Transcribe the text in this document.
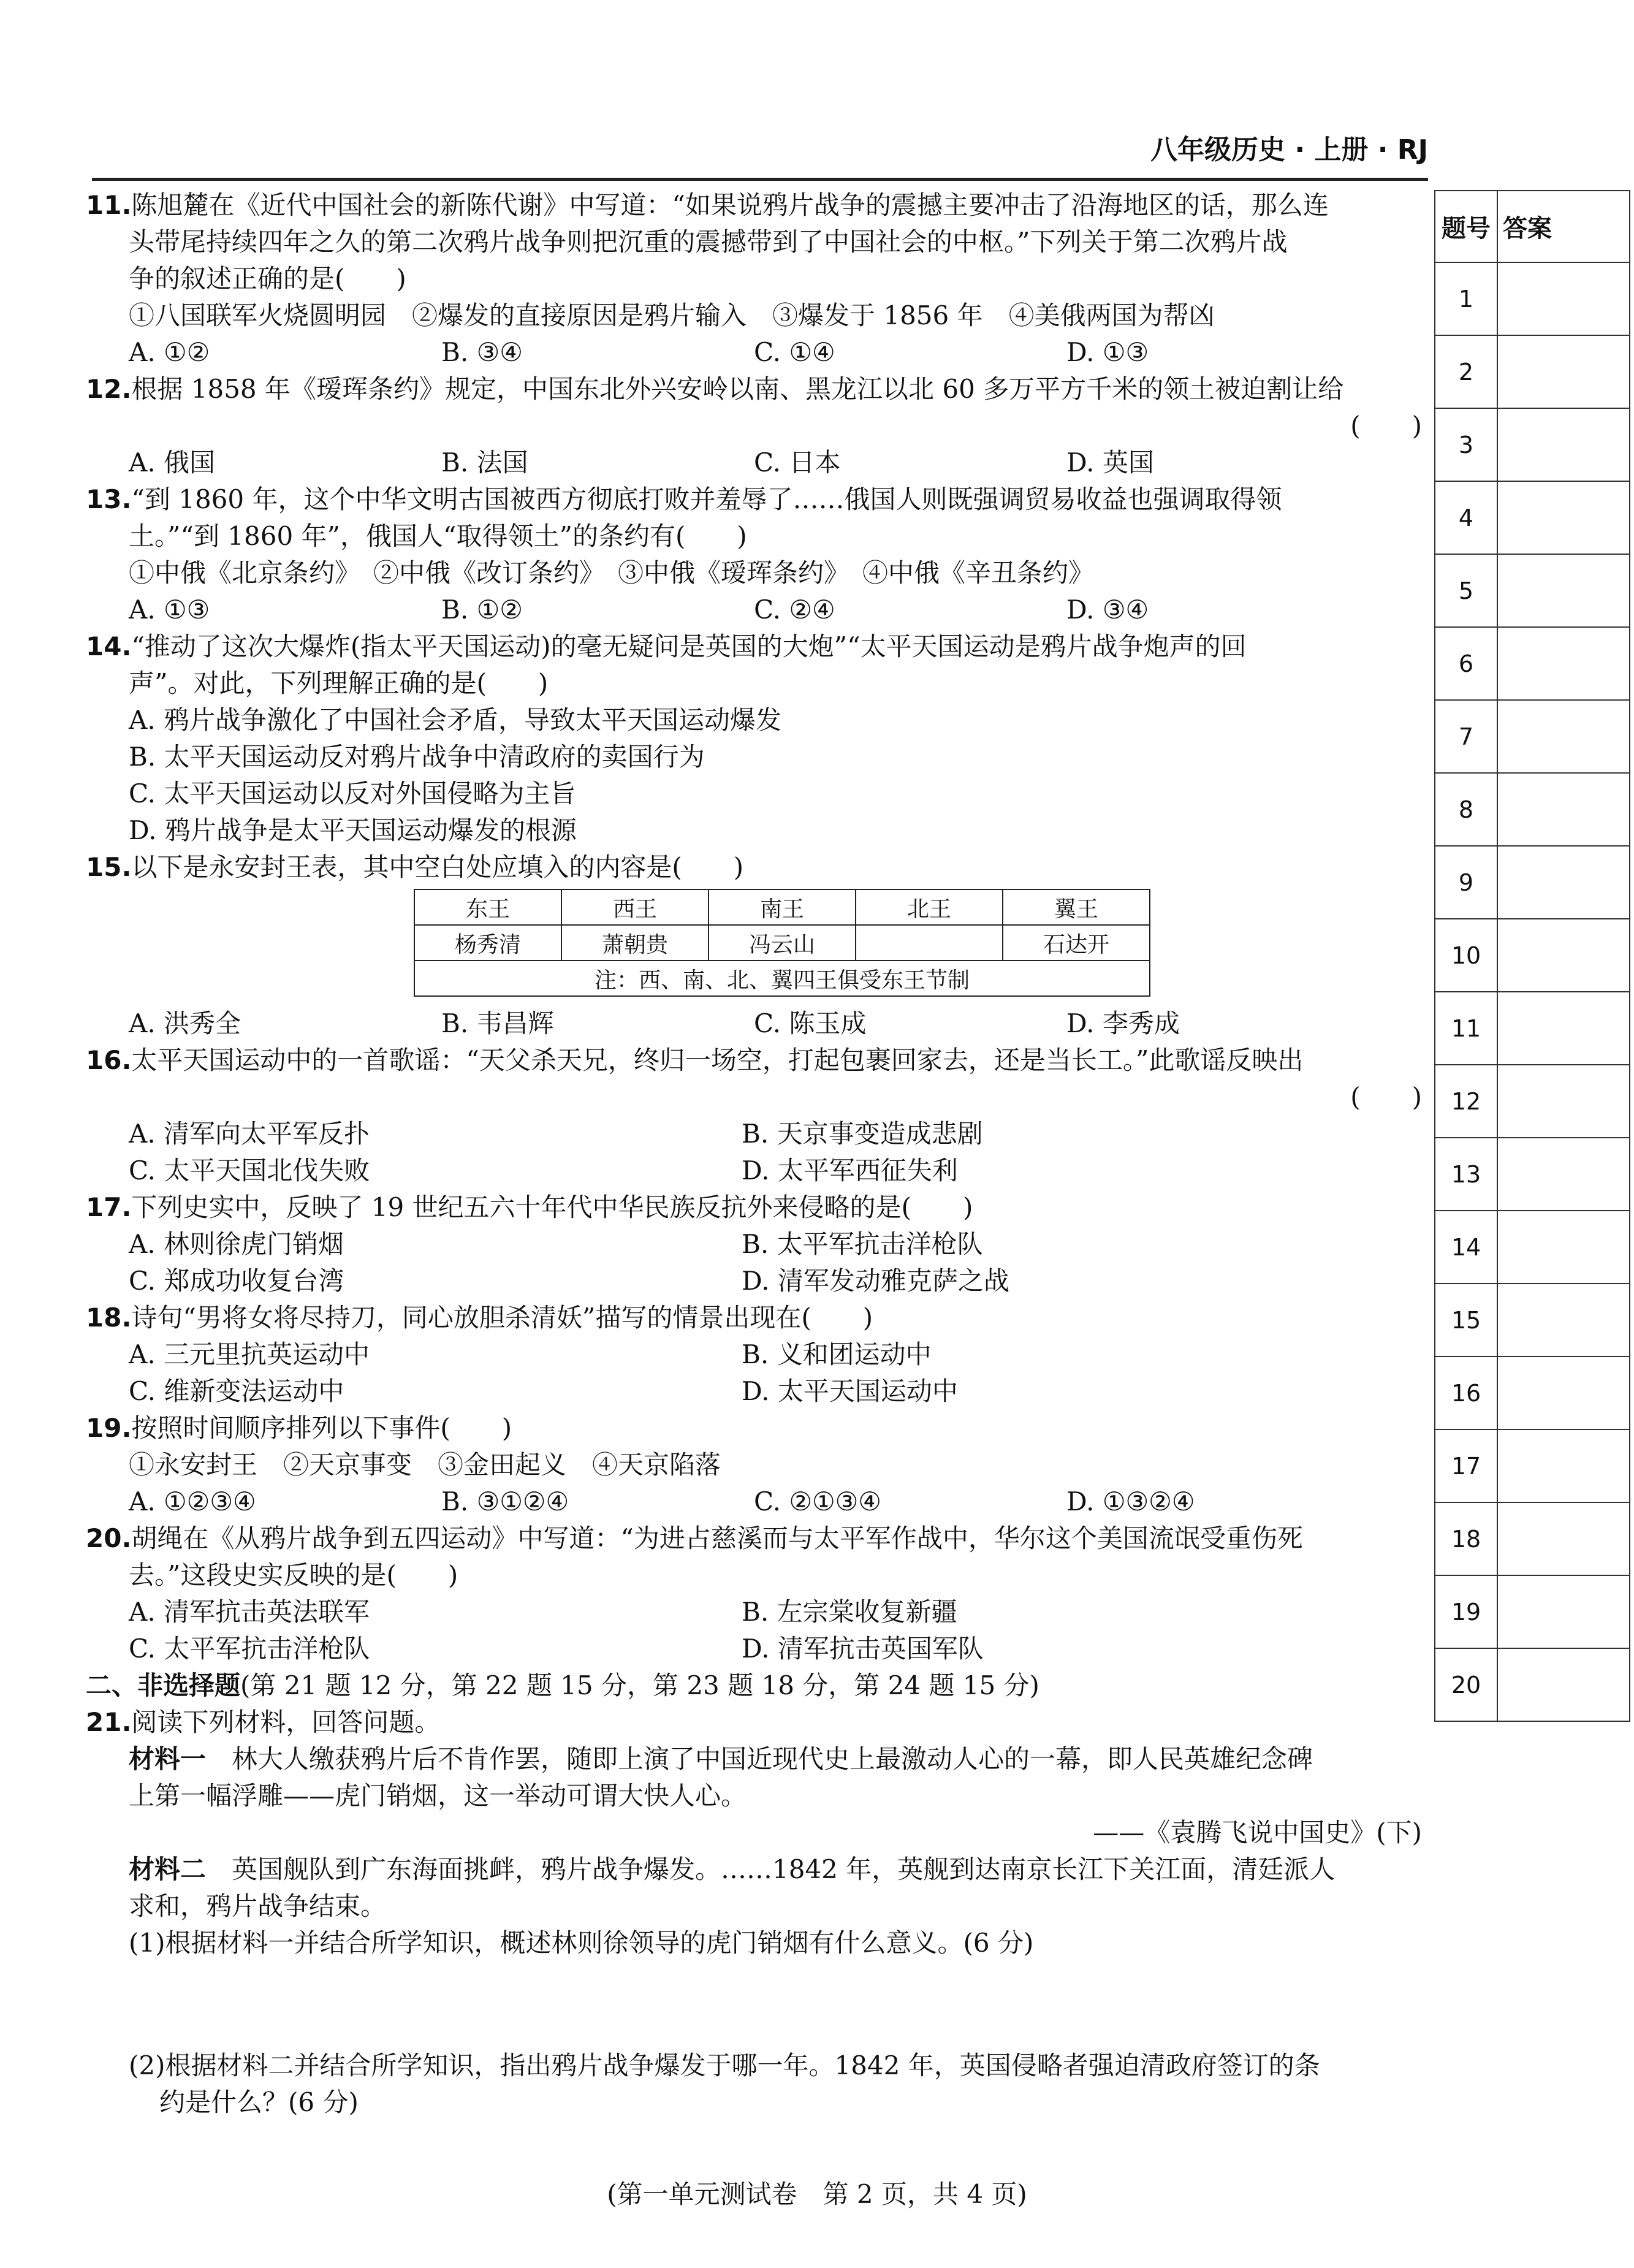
八年级历史 · 上册 · RJ
11.陈旭麓在《近代中国社会的新陈代谢》中写道：“如果说鸦片战争的震撼主要冲击了沿海地区的话，那么连
头带尾持续四年之久的第二次鸦片战争则把沉重的震撼带到了中国社会的中枢。”下列关于第二次鸦片战
争的叙述正确的是(　　)
①八国联军火烧圆明园　②爆发的直接原因是鸦片输入　③爆发于 1856 年　④美俄两国为帮凶
A. ①②	B. ③④	C. ①④	D. ①③
12.根据 1858 年《瑷珲条约》规定，中国东北外兴安岭以南、黑龙江以北 60 多万平方千米的领土被迫割让给
(　　)
A. 俄国	B. 法国	C. 日本	D. 英国
13.“到 1860 年，这个中华文明古国被西方彻底打败并羞辱了……俄国人则既强调贸易收益也强调取得领
土。”“到 1860 年”，俄国人“取得领土”的条约有(　　)
①中俄《北京条约》　②中俄《改订条约》　③中俄《瑷珲条约》　④中俄《辛丑条约》
A. ①③	B. ①②	C. ②④	D. ③④
14.“推动了这次大爆炸(指太平天国运动)的毫无疑问是英国的大炮”“太平天国运动是鸦片战争炮声的回
声”。对此，下列理解正确的是(　　)
A. 鸦片战争激化了中国社会矛盾，导致太平天国运动爆发
B. 太平天国运动反对鸦片战争中清政府的卖国行为
C. 太平天国运动以反对外国侵略为主旨
D. 鸦片战争是太平天国运动爆发的根源
15.以下是永安封王表，其中空白处应填入的内容是(　　)
东王	西王	南王	北王	翼王
杨秀清	萧朝贵	冯云山		石达开
注：西、南、北、翼四王俱受东王节制				
A. 洪秀全	B. 韦昌辉	C. 陈玉成	D. 李秀成
16.太平天国运动中的一首歌谣：“天父杀天兄，终归一场空，打起包裹回家去，还是当长工。”此歌谣反映出
(　　)
A. 清军向太平军反扑	B. 天京事变造成悲剧
C. 太平天国北伐失败	D. 太平军西征失利
17.下列史实中，反映了 19 世纪五六十年代中华民族反抗外来侵略的是(　　)
A. 林则徐虎门销烟	B. 太平军抗击洋枪队
C. 郑成功收复台湾	D. 清军发动雅克萨之战
18.诗句“男将女将尽持刀，同心放胆杀清妖”描写的情景出现在(　　)
A. 三元里抗英运动中	B. 义和团运动中
C. 维新变法运动中	D. 太平天国运动中
19.按照时间顺序排列以下事件(　　)
①永安封王　②天京事变　③金田起义　④天京陷落
A. ①②③④	B. ③①②④	C. ②①③④	D. ①③②④
20.胡绳在《从鸦片战争到五四运动》中写道：“为进占慈溪而与太平军作战中，华尔这个美国流氓受重伤死
去。”这段史实反映的是(　　)
A. 清军抗击英法联军	B. 左宗棠收复新疆
C. 太平军抗击洋枪队	D. 清军抗击英国军队
二、非选择题(第 21 题 12 分，第 22 题 15 分，第 23 题 18 分，第 24 题 15 分)
21.阅读下列材料，回答问题。
材料一　林大人缴获鸦片后不肯作罢，随即上演了中国近现代史上最激动人心的一幕，即人民英雄纪念碑
上第一幅浮雕——虎门销烟，这一举动可谓大快人心。
——《袁腾飞说中国史》(下)
材料二　英国舰队到广东海面挑衅，鸦片战争爆发。……1842 年，英舰到达南京长江下关江面，清廷派人
求和，鸦片战争结束。
(1)根据材料一并结合所学知识，概述林则徐领导的虎门销烟有什么意义。(6 分)
(2)根据材料二并结合所学知识，指出鸦片战争爆发于哪一年。1842 年，英国侵略者强迫清政府签订的条
约是什么？(6 分)
题号	答案
1	
2	
3	
4	
5	
6	
7	
8	
9	
10	
11	
12	
13	
14	
15	
16	
17	
18	
19	
20	
(第一单元测试卷　第 2 页，共 4 页)
